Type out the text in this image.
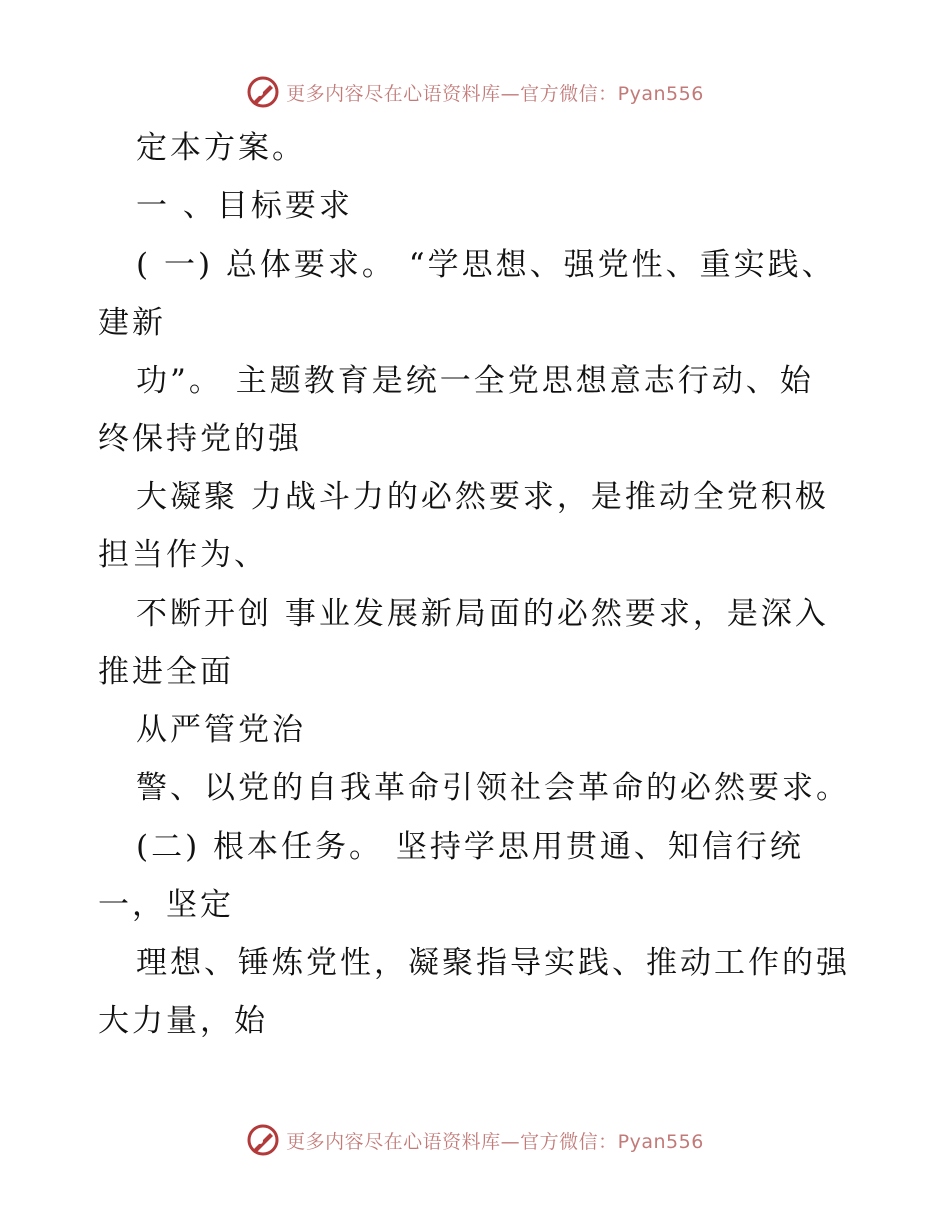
更多内容尽在心语资料库—官方微信：Pyan556
定本方案。
一 、目标要求
( 一) 总体要求。 “学思想、强党性、重实践、
建新
功”。 主题教育是统一全党思想意志行动、始
终保持党的强
大凝聚 力战斗力的必然要求，是推动全党积极
担当作为、
不断开创 事业发展新局面的必然要求，是深入
推进全面
从严管党治
警、以党的自我革命引领社会革命的必然要求。
(二) 根本任务。 坚持学思用贯通、知信行统
一，坚定
理想、锤炼党性，凝聚指导实践、推动工作的强
大力量，始
更多内容尽在心语资料库—官方微信：Pyan556
